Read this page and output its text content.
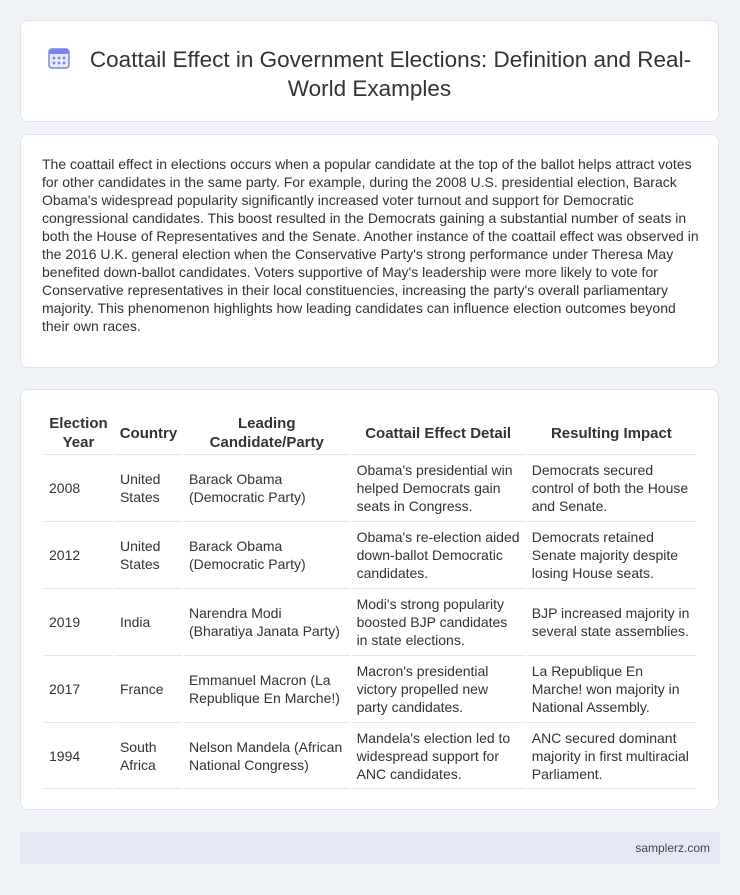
Coattail Effect in Government Elections: Definition and Real-World Examples

The coattail effect in elections occurs when a popular candidate at the top of the ballot helps attract votes for other candidates in the same party. For example, during the 2008 U.S. presidential election, Barack Obama's widespread popularity significantly increased voter turnout and support for Democratic congressional candidates. This boost resulted in the Democrats gaining a substantial number of seats in both the House of Representatives and the Senate. Another instance of the coattail effect was observed in the 2016 U.K. general election when the Conservative Party's strong performance under Theresa May benefited down-ballot candidates. Voters supportive of May's leadership were more likely to vote for Conservative representatives in their local constituencies, increasing the party's overall parliamentary majority. This phenomenon highlights how leading candidates can influence election outcomes beyond their own races.

Election Year	Country	Leading Candidate/Party	Coattail Effect Detail	Resulting Impact
2008	United States	Barack Obama (Democratic Party)	Obama's presidential win helped Democrats gain seats in Congress.	Democrats secured control of both the House and Senate.
2012	United States	Barack Obama (Democratic Party)	Obama's re-election aided down-ballot Democratic candidates.	Democrats retained Senate majority despite losing House seats.
2019	India	Narendra Modi (Bharatiya Janata Party)	Modi's strong popularity boosted BJP candidates in state elections.	BJP increased majority in several state assemblies.
2017	France	Emmanuel Macron (La Republique En Marche!)	Macron's presidential victory propelled new party candidates.	La Republique En Marche! won majority in National Assembly.
1994	South Africa	Nelson Mandela (African National Congress)	Mandela's election led to widespread support for ANC candidates.	ANC secured dominant majority in first multiracial Parliament.
samplerz.com
